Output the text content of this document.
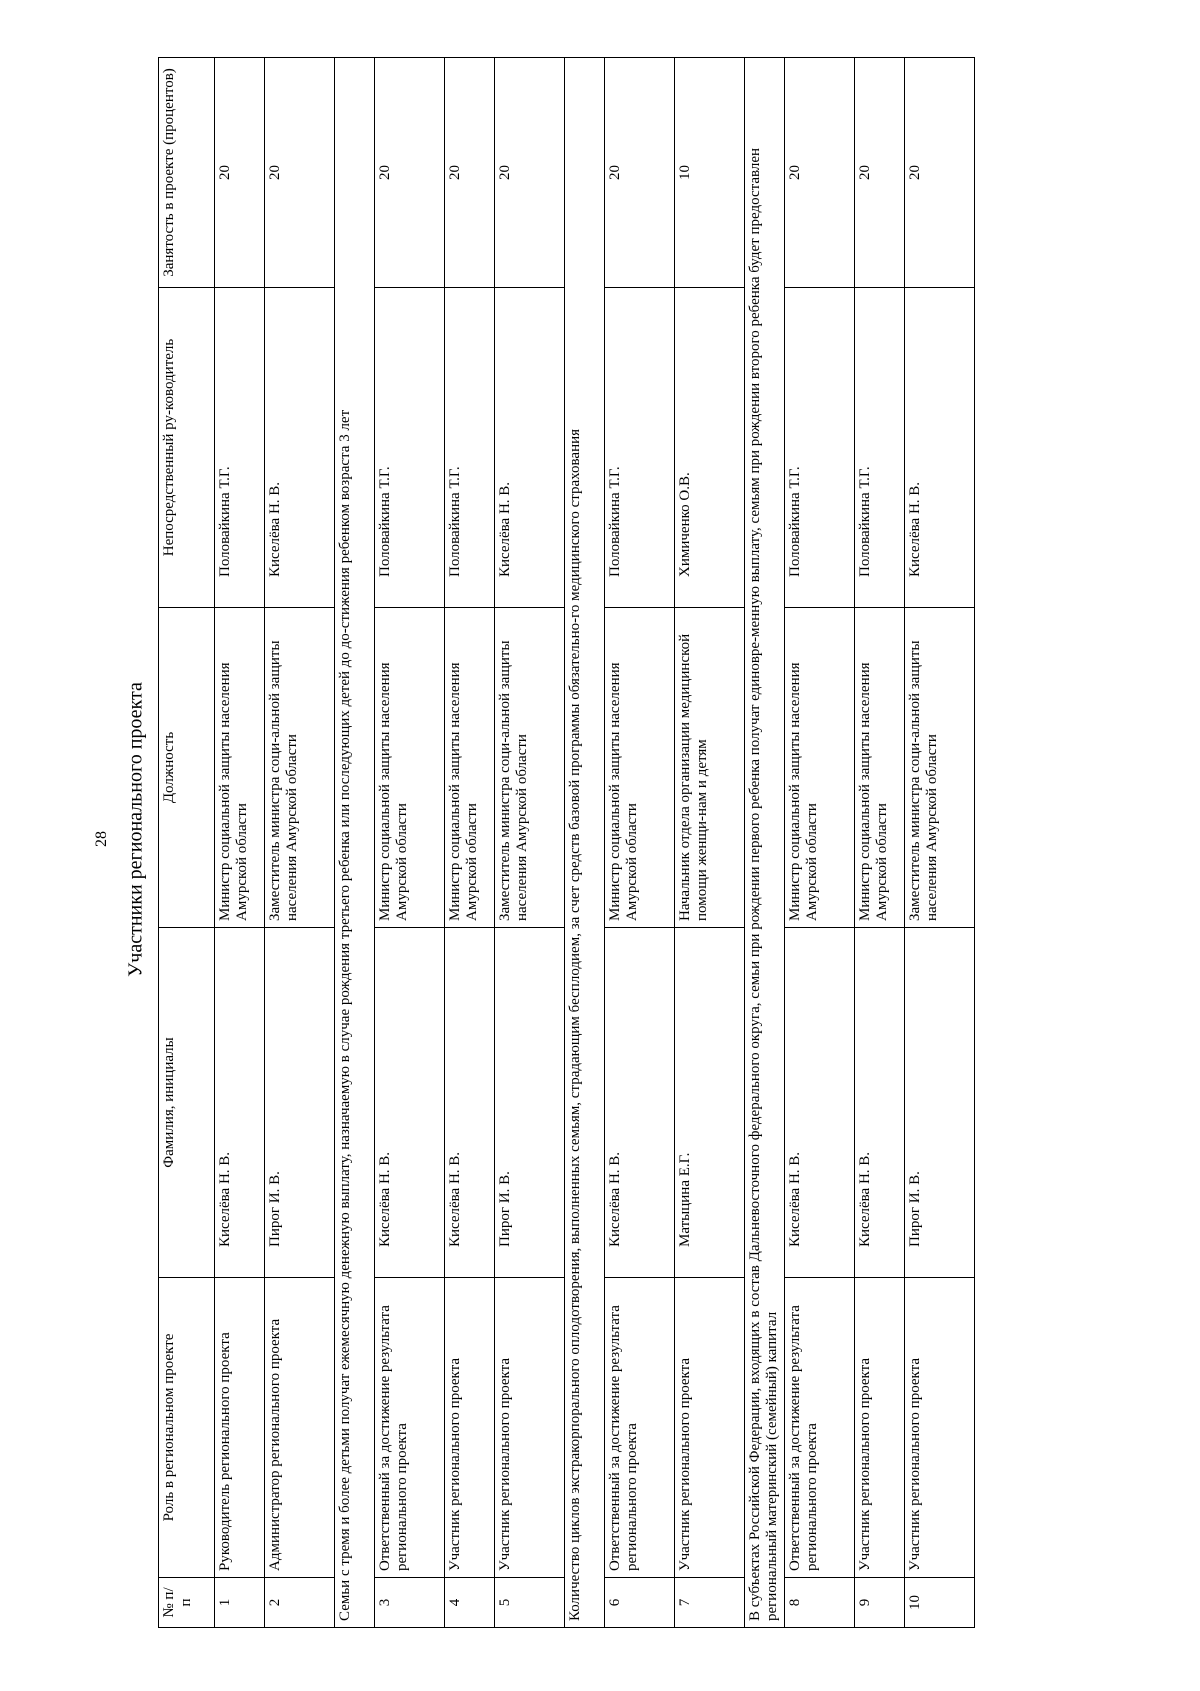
28 Участники регионального проекта
№ п/п	Роль в региональном проекте	Фамилия, инициалы	Должность	Непосредственный ру-ководитель	Занятость в проекте (процентов)
1	Руководитель регионального проекта	Киселёва Н. В.	Министр социальной защиты населения Амурской области	Половайкина Т.Г.	20
2	Администратор регионального проекта	Пирог И. В.	Заместитель министра соци-альной защиты населения Амурской области	Киселёва Н. В.	20
Семьи с тремя и более детьми получат ежемесячную денежную выплату, назначаемую в случае рождения третьего ребенка или последующих детей до до-стижения ребенком возраста 3 лет					
3	Ответственный за достижение результата регионального проекта	Киселёва Н. В.	Министр социальной защиты населения Амурской области	Половайкина Т.Г.	20
4	Участник регионального проекта	Киселёва Н. В.	Министр социальной защиты населения Амурской области	Половайкина Т.Г.	20
5	Участник регионального проекта	Пирог И. В.	Заместитель министра соци-альной защиты населения Амурской области	Киселёва Н. В.	20
Количество циклов экстракорпорального оплодотворения, выполненных семьям, страдающим бесплодием, за счет средств базовой программы обязательно-го медицинского страхования					
6	Ответственный за достижение результата регионального проекта	Киселёва Н. В.	Министр социальной защиты населения Амурской области	Половайкина Т.Г.	20
7	Участник регионального проекта	Матыцина Е.Г.	Начальник отдела организации медицинской помощи женщи-нам и детям	Химиченко О.В.	10
В субъектах Российской Федерации, входящих в состав Дальневосточного федерального округа, семьи при рождении первого ребенка получат единовре-менную выплату, семьям при рождении второго ребенка будет предоставлен региональный материнский (семейный) капитал					
8	Ответственный за достижение результата регионального проекта	Киселёва Н. В.	Министр социальной защиты населения Амурской области	Половайкина Т.Г.	20
9	Участник регионального проекта	Киселёва Н. В.	Министр социальной защиты населения Амурской области	Половайкина Т.Г.	20
10	Участник регионального проекта	Пирог И. В.	Заместитель министра соци-альной защиты населения Амурской области	Киселёва Н. В.	20
